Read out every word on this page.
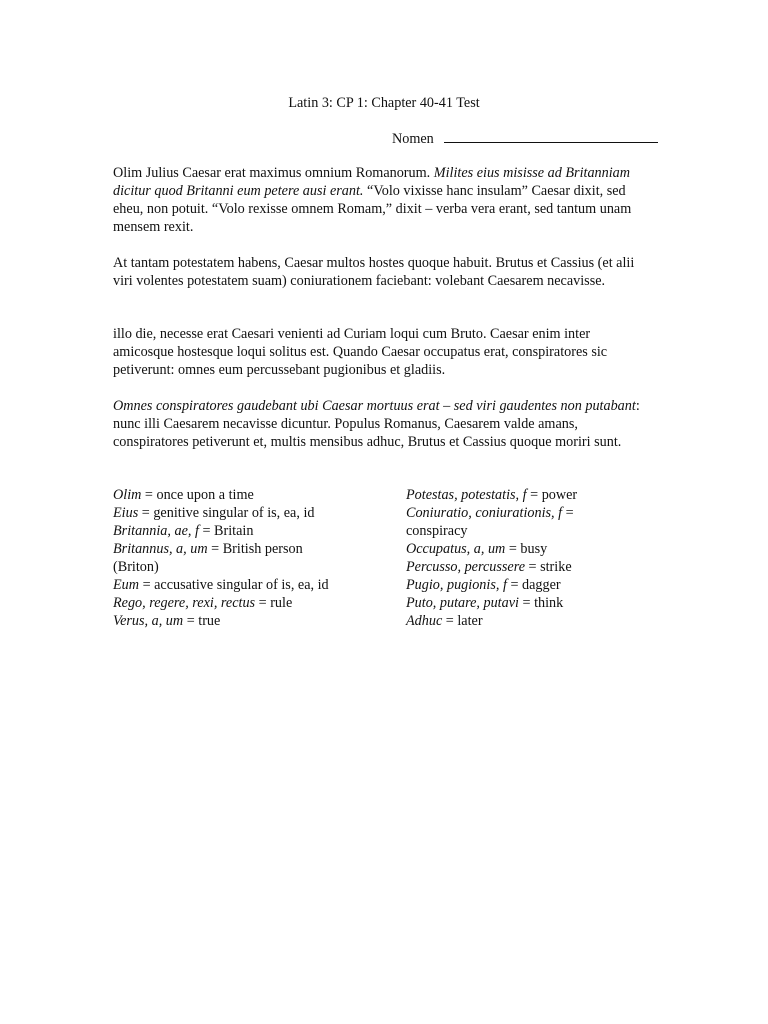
Latin 3: CP 1: Chapter 40-41 Test
Nomen

Olim Julius Caesar erat maximus omnium Romanorum. Milites eius misisse ad Britanniam dicitur quod Britanni eum petere ausi erant. “Volo vixisse hanc insulam” Caesar dixit, sed eheu, non potuit. “Volo rexisse omnem Romam,” dixit – verba vera erant, sed tantum unam mensem rexit.

At tantam potestatem habens, Caesar multos hostes quoque habuit. Brutus et Cassius (et alii viri volentes potestatem suam) coniurationem faciebant: volebant Caesarem necavisse.

illo die, necesse erat Caesari venienti ad Curiam loqui cum Bruto. Caesar enim inter amicosque hostesque loqui solitus est. Quando Caesar occupatus erat, conspiratores sic petiverunt: omnes eum percussebant pugionibus et gladiis.

Omnes conspiratores gaudebant ubi Caesar mortuus erat – sed viri gaudentes non putabant: nunc illi Caesarem necavisse dicuntur. Populus Romanus, Caesarem valde amans, conspiratores petiverunt et, multis mensibus adhuc, Brutus et Cassius quoque moriri sunt.

Olim = once upon a time
Eius = genitive singular of is, ea, id
Britannia, ae, f = Britain
Britannus, a, um = British person (Briton)
Eum = accusative singular of is, ea, id
Rego, regere, rexi, rectus = rule
Verus, a, um = true
Potestas, potestatis, f = power
Coniuratio, coniurationis, f = conspiracy
Occupatus, a, um = busy
Percusso, percussere = strike
Pugio, pugionis, f = dagger
Puto, putare, putavi = think
Adhuc = later
